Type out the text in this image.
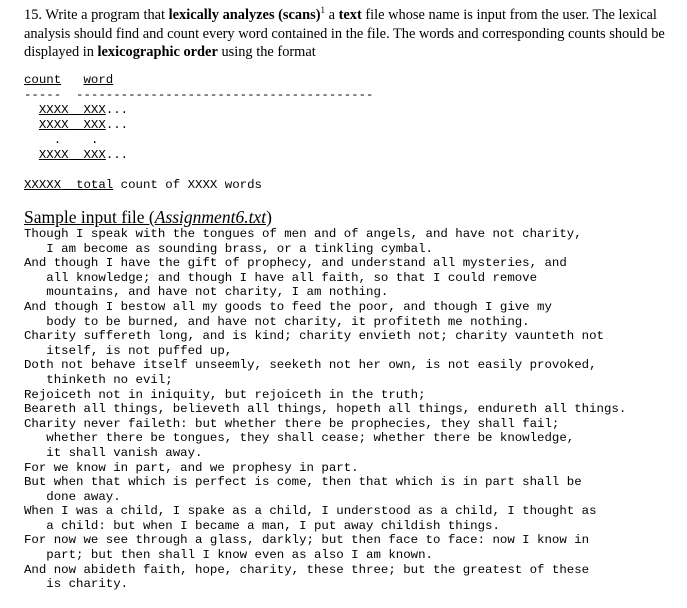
15. Write a program that lexically analyzes (scans)$^1$ a text file whose name is input from the user. The lexical analysis should find and count every word contained in the file. The words and corresponding counts should be displayed in lexicographic order using the format

count word
-----  ----------------------------------------
XXXX XXX...
XXXX XXX...
. .
XXXX XXX...

XXXXX total count of XXXX words

Sample input file (Assignment6.txt)

Though I speak with the tongues of men and of angels, and have not charity,
I am become as sounding brass, or a tinkling cymbal.
And though I have the gift of prophecy, and understand all mysteries, and
all knowledge; and though I have all faith, so that I could remove
mountains, and have not charity, I am nothing.
And though I bestow all my goods to feed the poor, and though I give my
body to be burned, and have not charity, it profiteth me nothing.
Charity suffereth long, and is kind; charity envieth not; charity vaunteth not
itself, is not puffed up,
Doth not behave itself unseemly, seeketh not her own, is not easily provoked,
thinketh no evil;
Rejoiceth not in iniquity, but rejoiceth in the truth;
Beareth all things, believeth all things, hopeth all things, endureth all things.
Charity never faileth: but whether there be prophecies, they shall fail;
whether there be tongues, they shall cease; whether there be knowledge,
it shall vanish away.
For we know in part, and we prophesy in part.
But when that which is perfect is come, then that which is in part shall be
done away.
When I was a child, I spake as a child, I understood as a child, I thought as
a child: but when I became a man, I put away childish things.
For now we see through a glass, darkly; but then face to face: now I know in
part; but then shall I know even as also I am known.
And now abideth faith, hope, charity, these three; but the greatest of these
is charity.
